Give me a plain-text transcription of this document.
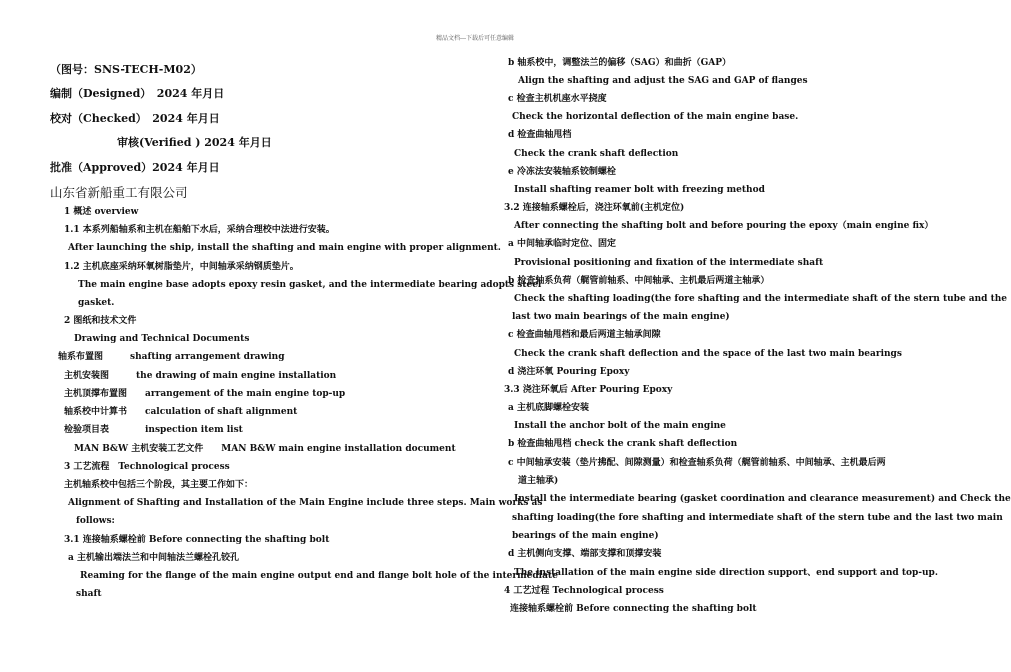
精品文档---下载后可任意编辑
（图号：SNS-TECH-M02）
编制（Designed）　2024 年月日
校对（Checked）　2024 年月日
审核(Verified ) 2024 年月日
批准（Approved）2024 年月日
山东省新船重工有限公司
1 概述 overview
1.1 本系列船轴系和主机在船舶下水后，采纳合理校中法进行安装。
After launching the ship, install the shafting and main engine with proper alignment.
1.2 主机底座采纳环氧树脂垫片，中间轴承采纳钢质垫片。
The main engine base adopts epoxy resin gasket, and the intermediate bearing adopts steel
gasket.
2 图纸和技术文件
Drawing and Technical Documents
轴系布置图　　　shafting arrangement drawing
主机安装图　　　the drawing of main engine installation
主机顶撑布置图　　arrangement of the main engine top-up
轴系校中计算书　　calculation of shaft alignment
检验项目表　　　　inspection item list
MAN B&W 主机安装工艺文件　　MAN B&W main engine installation document
3 工艺流程　Technological process
主机轴系校中包括三个阶段，其主要工作如下：
Alignment of Shafting and Installation of the Main Engine include three steps. Main works as
follows:
3.1 连接轴系螺栓前 Before connecting the shafting bolt
a 主机输出端法兰和中间轴法兰螺栓孔铰孔
Reaming for the flange of the main engine output end and flange bolt hole of the intermediate
shaft
b 轴系校中，调整法兰的偏移（SAG）和曲折（GAP）
Align the shafting and adjust the SAG and GAP of flanges
c 检查主机机座水平挠度
Check the horizontal deflection of the main engine base.
d 检查曲轴甩档
Check the crank shaft deflection
e 冷冻法安装轴系铰制螺栓
Install shafting reamer bolt with freezing method
3.2 连接轴系螺栓后，浇注环氧前(主机定位)
After connecting the shafting bolt and before pouring the epoxy（main engine fix）
a 中间轴承临时定位、固定
Provisional positioning and fixation of the intermediate shaft
b 检查轴系负荷（艉管前轴系、中间轴承、主机最后两道主轴承）
Check the shafting loading(the fore shafting and the intermediate shaft of the stern tube and the
last two main bearings of the main engine)
c 检查曲轴甩档和最后两道主轴承间隙
Check the crank shaft deflection and the space of the last two main bearings
d 浇注环氧 Pouring Epoxy
3.3 浇注环氧后 After Pouring Epoxy
a 主机底脚螺栓安装
Install the anchor bolt of the main engine
b 检查曲轴甩档 check the crank shaft deflection
c 中间轴承安装（垫片拂配、间隙测量）和检查轴系负荷（艉管前轴系、中间轴承、主机最后两
道主轴承)
Install the intermediate bearing (gasket coordination and clearance measurement) and Check the
shafting loading(the fore shafting and intermediate shaft of the stern tube and the last two main
bearings of the main engine)
d 主机侧向支撑、端部支撑和顶撑安装
The installation of the main engine side direction support、end support and top-up.
4 工艺过程 Technological process
连接轴系螺栓前 Before connecting the shafting bolt
